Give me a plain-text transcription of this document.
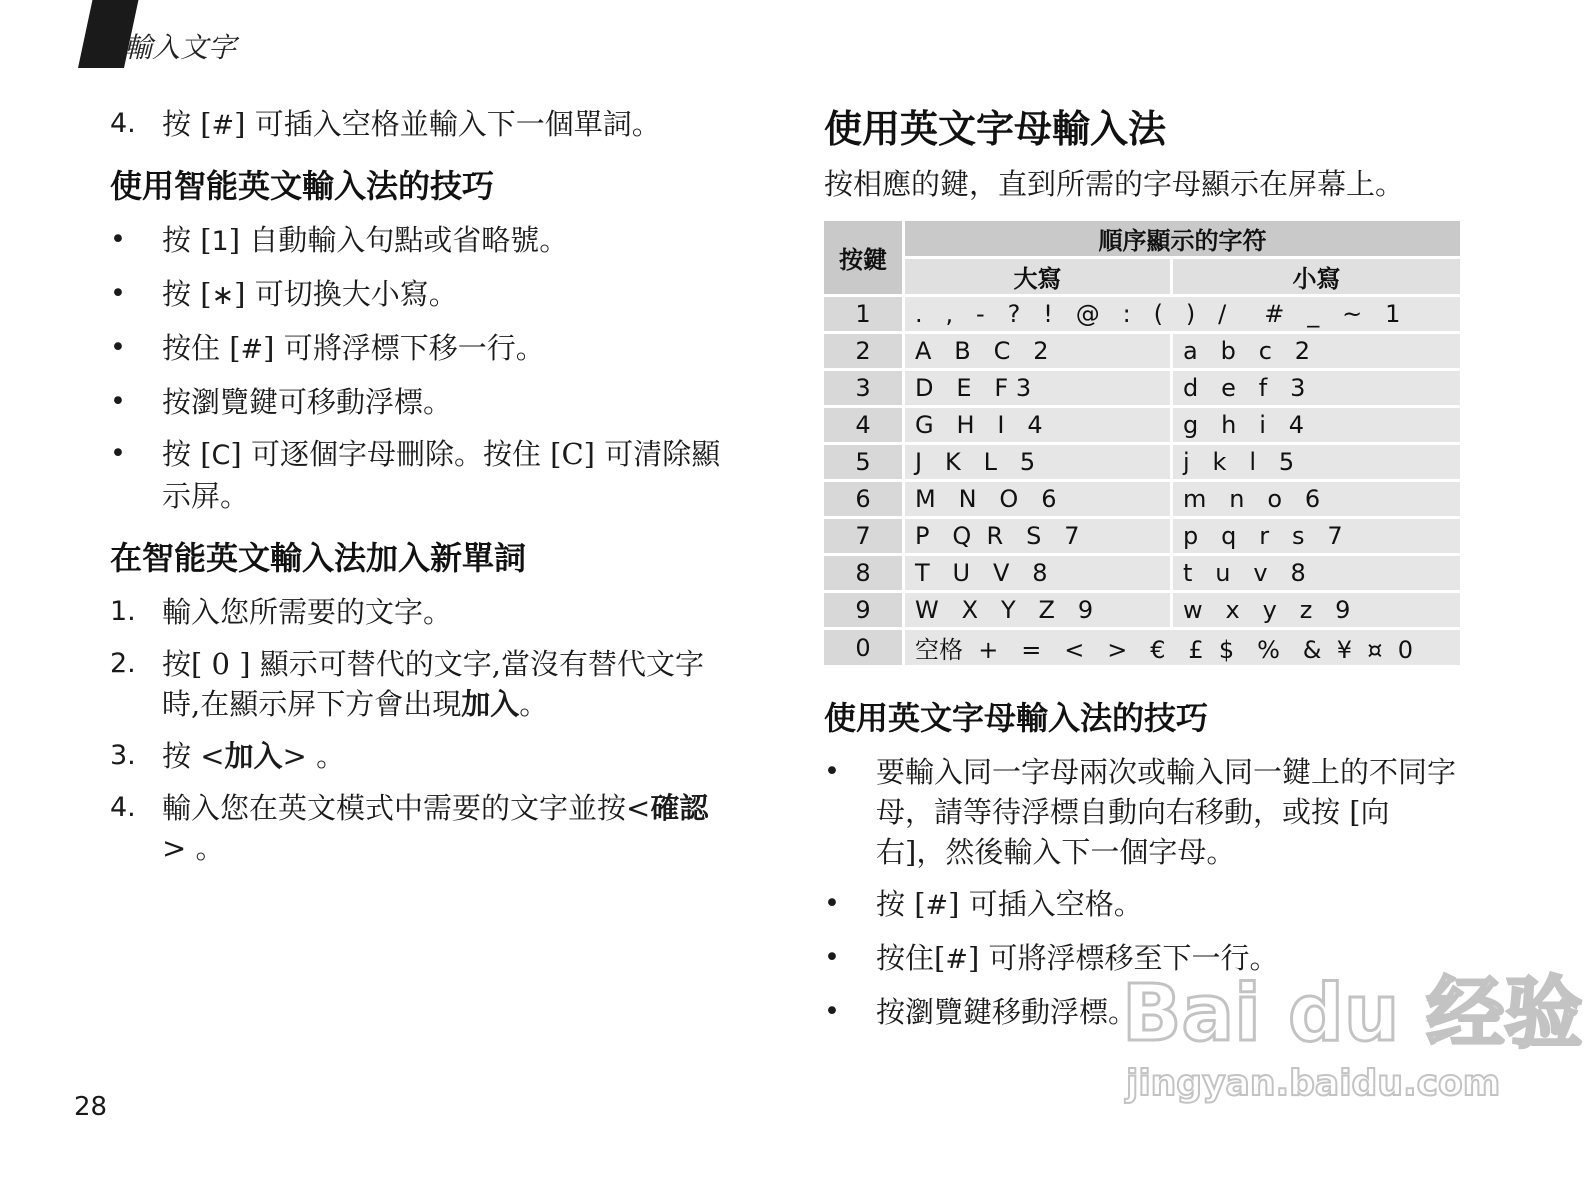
輸入文字
4. 按 [#] 可插入空格並輸入下一個單詞。
使用智能英文輸入法的技巧
•	按 [1] 自動輸入句點或省略號。
•	按 [∗] 可切換大小寫。
•	按住 [#] 可將浮標下移一行。
•	按瀏覽鍵可移動浮標。
•	按 [C] 可逐個字母刪除。按住 [C] 可清除顯示屏。
在智能英文輸入法加入新單詞
1. 輸入您所需要的文字。
2. 按[ 0 ] 顯示可替代的文字,當沒有替代文字時,在顯示屏下方會出現加入。
3. 按 <加入> 。
4. 輸入您在英文模式中需要的文字並按<確認> 。
使用英文字母輸入法
按相應的鍵，直到所需的字母顯示在屏幕上。
按鍵	順序顯示的字符	
	大寫	小寫
1	.   ,   -   ?   !   @   :   (   )   /     #   _   ~   1	
2	A   B   C   2	a   b   c   2
3	D   E   F 3	d   e   f   3
4	G   H   I   4	g   h   i   4
5	J   K   L   5	j   k   l   5
6	M   N   O   6	m   n   o   6
7	P   Q  R   S   7	p   q   r   s   7
8	T   U   V   8	t   u   v   8
9	W   X   Y   Z   9	w   x   y   z   9
0	空格  +   =   <   >   €   £  $   %   &  ¥  ¤  0	
使用英文字母輸入法的技巧
•	要輸入同一字母兩次或輸入同一鍵上的不同字母，請等待浮標自動向右移動，或按 [向右]，然後輸入下一個字母。
•	按 [#] 可插入空格。
•	按住[#] 可將浮標移至下一行。
•	按瀏覽鍵移動浮標。
28
Bai du 经验
jingyan.baidu.com
